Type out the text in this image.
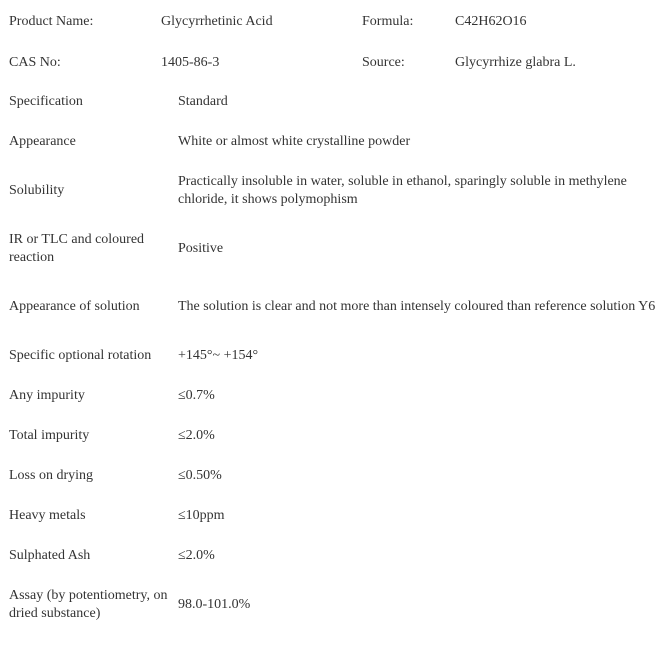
Product Name:	Glycyrrhetinic Acid	Formula:	C42H62O16
CAS No:	1405-86-3	Source:	Glycyrrhize glabra L.
Specification	Standard
Appearance	White or almost white crystalline powder
Solubility	Practically insoluble in water, soluble in ethanol, sparingly soluble in methylene chloride, it shows polymophism
IR or TLC and coloured reaction	Positive
Appearance of solution	The solution is clear and not more than intensely coloured than reference solution Y6
Specific optional rotation	+145°~ +154°
Any impurity	≤0.7%
Total impurity	≤2.0%
Loss on drying	≤0.50%
Heavy metals	≤10ppm
Sulphated Ash	≤2.0%
Assay (by potentiometry, on dried substance)	98.0-101.0%
